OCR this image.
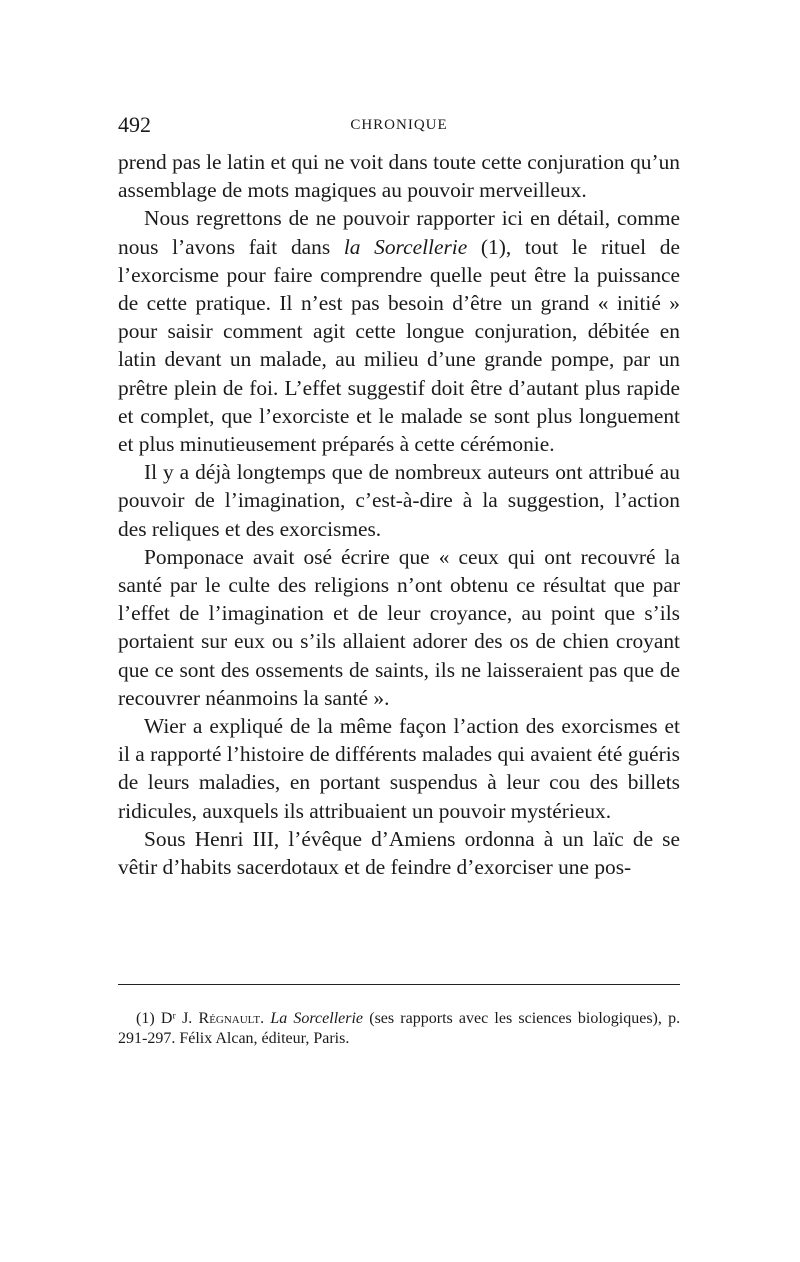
492	CHRONIQUE

prend pas le latin et qui ne voit dans toute cette conjuration qu’un assemblage de mots magiques au pouvoir merveilleux.

Nous regrettons de ne pouvoir rapporter ici en détail, comme nous l’avons fait dans la Sorcellerie (1), tout le rituel de l’exorcisme pour faire comprendre quelle peut être la puissance de cette pratique. Il n’est pas besoin d’être un grand « initié » pour saisir comment agit cette longue conjuration, débitée en latin devant un malade, au milieu d’une grande pompe, par un prêtre plein de foi. L’effet suggestif doit être d’autant plus rapide et complet, que l’exorciste et le malade se sont plus longuement et plus minutieusement préparés à cette cérémonie.

Il y a déjà longtemps que de nombreux auteurs ont attribué au pouvoir de l’imagination, c’est-à-dire à la suggestion, l’action des reliques et des exorcismes.

Pomponace avait osé écrire que « ceux qui ont recouvré la santé par le culte des religions n’ont obtenu ce résultat que par l’effet de l’imagination et de leur croyance, au point que s’ils portaient sur eux ou s’ils allaient adorer des os de chien croyant que ce sont des ossements de saints, ils ne laisseraient pas que de recouvrer néanmoins la santé ».

Wier a expliqué de la même façon l’action des exorcismes et il a rapporté l’histoire de différents malades qui avaient été guéris de leurs maladies, en portant suspendus à leur cou des billets ridicules, auxquels ils attribuaient un pouvoir mystérieux.

Sous Henri III, l’évêque d’Amiens ordonna à un laïc de se vêtir d’habits sacerdotaux et de feindre d’exorciser une pos-

(1) Dʳ J. Régnault. La Sorcellerie (ses rapports avec les sciences biologiques), p. 291-297. Félix Alcan, éditeur, Paris.
